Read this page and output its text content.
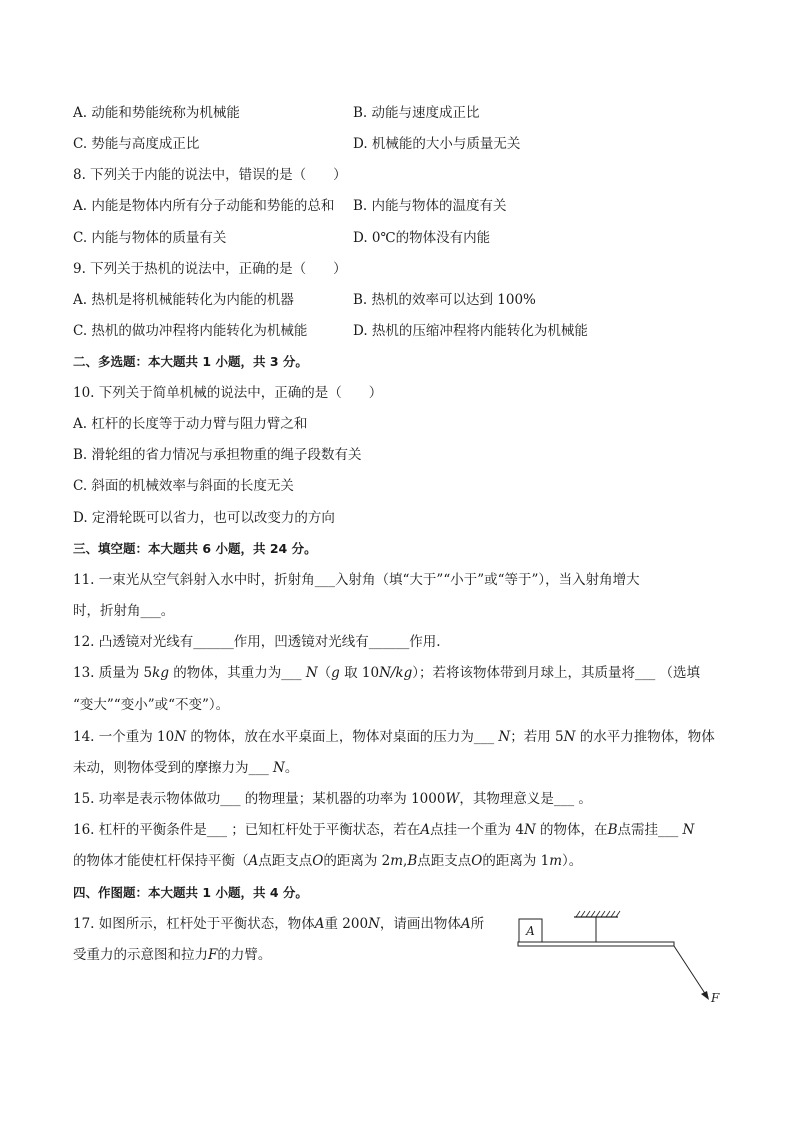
A. 动能和势能统称为机械能	B. 动能与速度成正比
C. 势能与高度成正比	D. 机械能的大小与质量无关
8. 下列关于内能的说法中，错误的是（　　）
A. 内能是物体内所有分子动能和势能的总和 B. 内能与物体的温度有关
C. 内能与物体的质量有关	D. 0℃的物体没有内能
9. 下列关于热机的说法中，正确的是（　　）
A. 热机是将机械能转化为内能的机器	B. 热机的效率可以达到 100%
C. 热机的做功冲程将内能转化为机械能	D. 热机的压缩冲程将内能转化为机械能
二、多选题：本大题共 1 小题，共 3 分。
10. 下列关于简单机械的说法中，正确的是（　　）
A. 杠杆的长度等于动力臂与阻力臂之和
B. 滑轮组的省力情况与承担物重的绳子段数有关
C. 斜面的机械效率与斜面的长度无关
D. 定滑轮既可以省力，也可以改变力的方向
三、填空题：本大题共 6 小题，共 24 分。
11. 一束光从空气斜射入水中时，折射角___入射角（填“大于”“小于”或“等于”），当入射角增大
时，折射角___。
12. 凸透镜对光线有______作用，凹透镜对光线有______作用.
13. 质量为 5kg 的物体，其重力为___ N（g 取 10N/kg）；若将该物体带到月球上，其质量将___ （选填
“变大”“变小”或“不变”）。
14. 一个重为 10N 的物体，放在水平桌面上，物体对桌面的压力为___ N；若用 5N 的水平力推物体，物体
未动，则物体受到的摩擦力为___ N。
15. 功率是表示物体做功___ 的物理量；某机器的功率为 1000W，其物理意义是___ 。
16. 杠杆的平衡条件是___ ；已知杠杆处于平衡状态，若在A点挂一个重为 4N 的物体，在B点需挂___ N
的物体才能使杠杆保持平衡（A点距支点O的距离为 2m,B点距支点O的距离为 1m）。
四、作图题：本大题共 1 小题，共 4 分。
17. 如图所示，杠杆处于平衡状态，物体A重 200N，请画出物体A所
受重力的示意图和拉力F的力臂。
A
F
